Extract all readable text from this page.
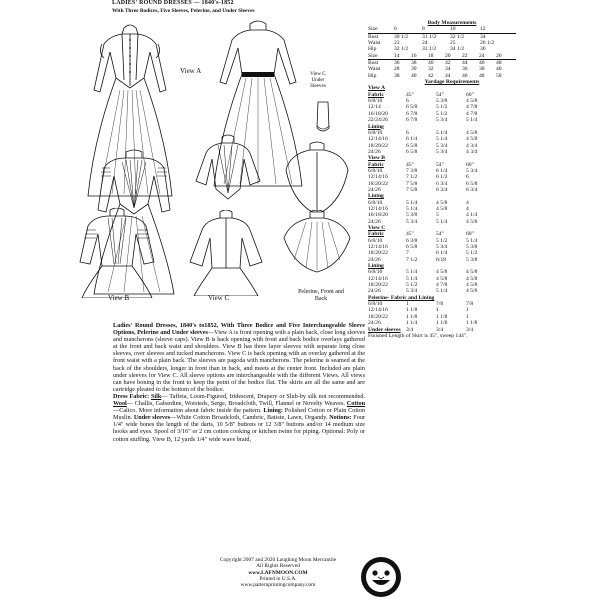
LADIES' ROUND DRESSES — 1840's-1852
With Three Bodices, Five Sleeves, Pelerine, and Under Sleeves
View A	View C
Under
Sleeves
View B	View C
Pelerine, Front and
Back

Ladies' Round Dresses, 1840's to1852, With Three Bodice and Five Interchangeable Sleeve Options, Pelerine and Under sleeves—View A is front opening with a plain back, close long sleeves and mancherons (sleeve caps). View B is back opening with front and back bodice overlays gathered at the front and back waist and shoulders. View B has three layer sleeves with separate long close sleeves, over sleeves and tucked mancherons. View C is back opening with an overlay gathered at the front waist with a plain back. The sleeves are pagoda with mancherons. The pelerine is seamed at the back of the shoulders, longer in front than in back, and meets at the center front. Included are plain under sleeves for View C. All sleeve options are interchangeable with the different Views. All views can have boning in the front to keep the point of the bodice flat. The skirts are all the same and are cartridge pleated to the bottom of the bodice.
Dress Fabric: Silk— Taffeta, Loom-Figured, Iridescent, Drapery or Slub-by silk not recommended. Wool— Challis, Gabardine, Worsteds, Serge, Broadcloth, Twill, Flannel or Novelty Weaves. Cotton—Calico. More information about fabric inside the pattern. Lining: Polished Cotton or Plain Cotton Muslin. Under sleeves—White Cotton Broadcloth, Cambric, Batiste, Lawn, Organdy. Notions: Four 1/4" wide bones the length of the darts, 10 5/8" buttons or 12 3/8" buttons and/or 14 medium size hooks and eyes. Spool of 3/16" or 2 cm cotton cooking or kitchen twine for piping. Optional: Poly or cotton stuffing. View B, 12 yards 1/4" wide wave braid,

Body Measurements
Size	6	8	10	12
Bust	30 1/2	31 1/2	32 1/2	34
Waist	23	24	25	26 1/2
Hip	32 1/2	33 1/2	34 1/2	36
Size	14	16	18	20	22	24	26
Bust	36	38	40	42	44	46	48
Waist	28	30	32	34	36	38	40
Hip	38	40	42	44	46	48	50
Yardage Requirements
View A
Fabric	45"	54"	60"
6/8/10	6	5 3/8	4 5/8
12/14	6 5/8	5 1/2	4 7/8
16/18/20	6 7/8	5 1/2	4 7/8
22/24/26	6 7/8	5 3/4	5 1/4
Lining
6/8/10	6	5 1/4	4 5/8
12/14/16	6 1/4	5 1/4	4 5/8
18/20/22	6 5/8	5 3/4	4 3/4
24/26	6 5/8	5 3/4	4 3/4
View B
Fabric	45"	54"	60"
6/8/10	7 3/8	6 1/4	5 3/4
12/14/16	7 1/2	6 1/2	6
18/20/22	7 5/8	6 3/4	6 5/8
24/26	7 5/8	6 3/4	6 3/4
Lining
6/8/10	5 1/4	4 5/8	4
12/14/16	5 1/4	4 5/8	4
16/18/20	5 3/8	5	4 1/4
24/26	5 3/4	5 1/4	4 5/8
View C
Fabric	45"	54"	60"
6/8/10	6 3/8	5 1/2	5 1/4
12/14/16	6 5/8	5 3/4	5 3/8
18/20/22	7	6 1/4	5 1/2
24/26	7 1/2	6/18	5 3/8
Lining
6/8/10	5 1/4	4 5/8	4 5/8
12/14/16	5 1/4	4 5/8	4 5/8
18/20/22	5 1/2	4 7/8	4 5/8
24/26	5 3/4	5 1/4	4 5/8
Pelerine- Fabric and Lining
6/8/10	1	7/8	7/8
12/14/16	1 1/8	1	1
18/20/22	1 1/8	1 1/8	1
24/26	1 1/4	1 1/8	1 1/8
Under sleeves 3/4	3/4	3/4
Finished Length of Skirt is 45", sweep 144".
Copyright 2007 and 2020 Laughing Moon Mercantile
All Rights Reserved
www.LAFNMOON.COM
Printed in U.S.A.
www.patternprintingcompany.com
